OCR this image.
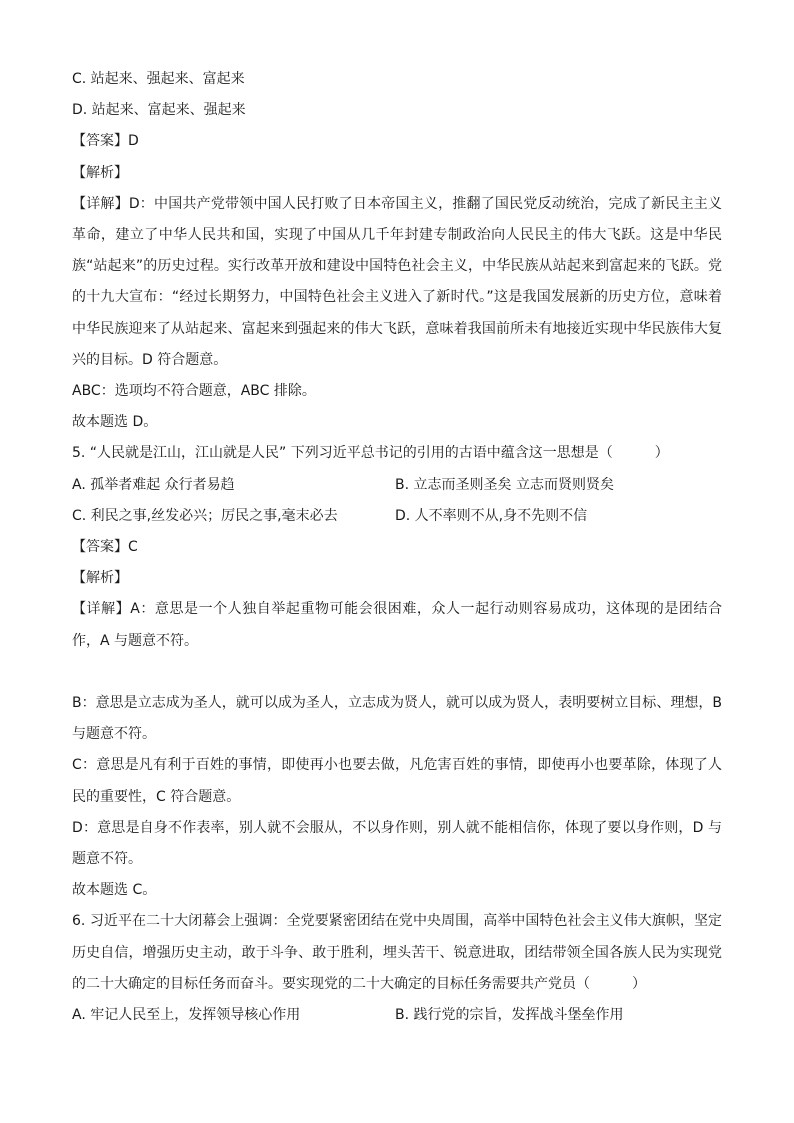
C. 站起来、强起来、富起来
D. 站起来、富起来、强起来
【答案】D
【解析】
【详解】D：中国共产党带领中国人民打败了日本帝国主义，推翻了国民党反动统治，完成了新民主主义革命，建立了中华人民共和国，实现了中国从几千年封建专制政治向人民民主的伟大飞跃。这是中华民族“站起来”的历史过程。实行改革开放和建设中国特色社会主义，中华民族从站起来到富起来的飞跃。党的十九大宣布：“经过长期努力，中国特色社会主义进入了新时代。”这是我国发展新的历史方位，意味着中华民族迎来了从站起来、富起来到强起来的伟大飞跃，意味着我国前所未有地接近实现中华民族伟大复兴的目标。D 符合题意。
ABC：选项均不符合题意，ABC 排除。
故本题选 D。
5. “人民就是江山，江山就是人民” 下列习近平总书记的引用的古语中蕴含这一思想是（　　　）
A. 孤举者难起 众行者易趋	B. 立志而圣则圣矣 立志而贤则贤矣
C. 利民之事,丝发必兴；厉民之事,毫末必去	D. 人不率则不从,身不先则不信
【答案】C
【解析】
【详解】A：意思是一个人独自举起重物可能会很困难，众人一起行动则容易成功，这体现的是团结合作，A 与题意不符。
B：意思是立志成为圣人，就可以成为圣人，立志成为贤人，就可以成为贤人，表明要树立目标、理想，B 与题意不符。
C：意思是凡有利于百姓的事情，即使再小也要去做，凡危害百姓的事情，即使再小也要革除，体现了人民的重要性，C 符合题意。
D：意思是自身不作表率，别人就不会服从，不以身作则，别人就不能相信你，体现了要以身作则，D 与题意不符。
故本题选 C。
6. 习近平在二十大闭幕会上强调：全党要紧密团结在党中央周围，高举中国特色社会主义伟大旗帜，坚定历史自信，增强历史主动，敢于斗争、敢于胜利，埋头苦干、锐意进取，团结带领全国各族人民为实现党的二十大确定的目标任务而奋斗。要实现党的二十大确定的目标任务需要共产党员（　　　）
A. 牢记人民至上，发挥领导核心作用	B. 践行党的宗旨，发挥战斗堡垒作用
